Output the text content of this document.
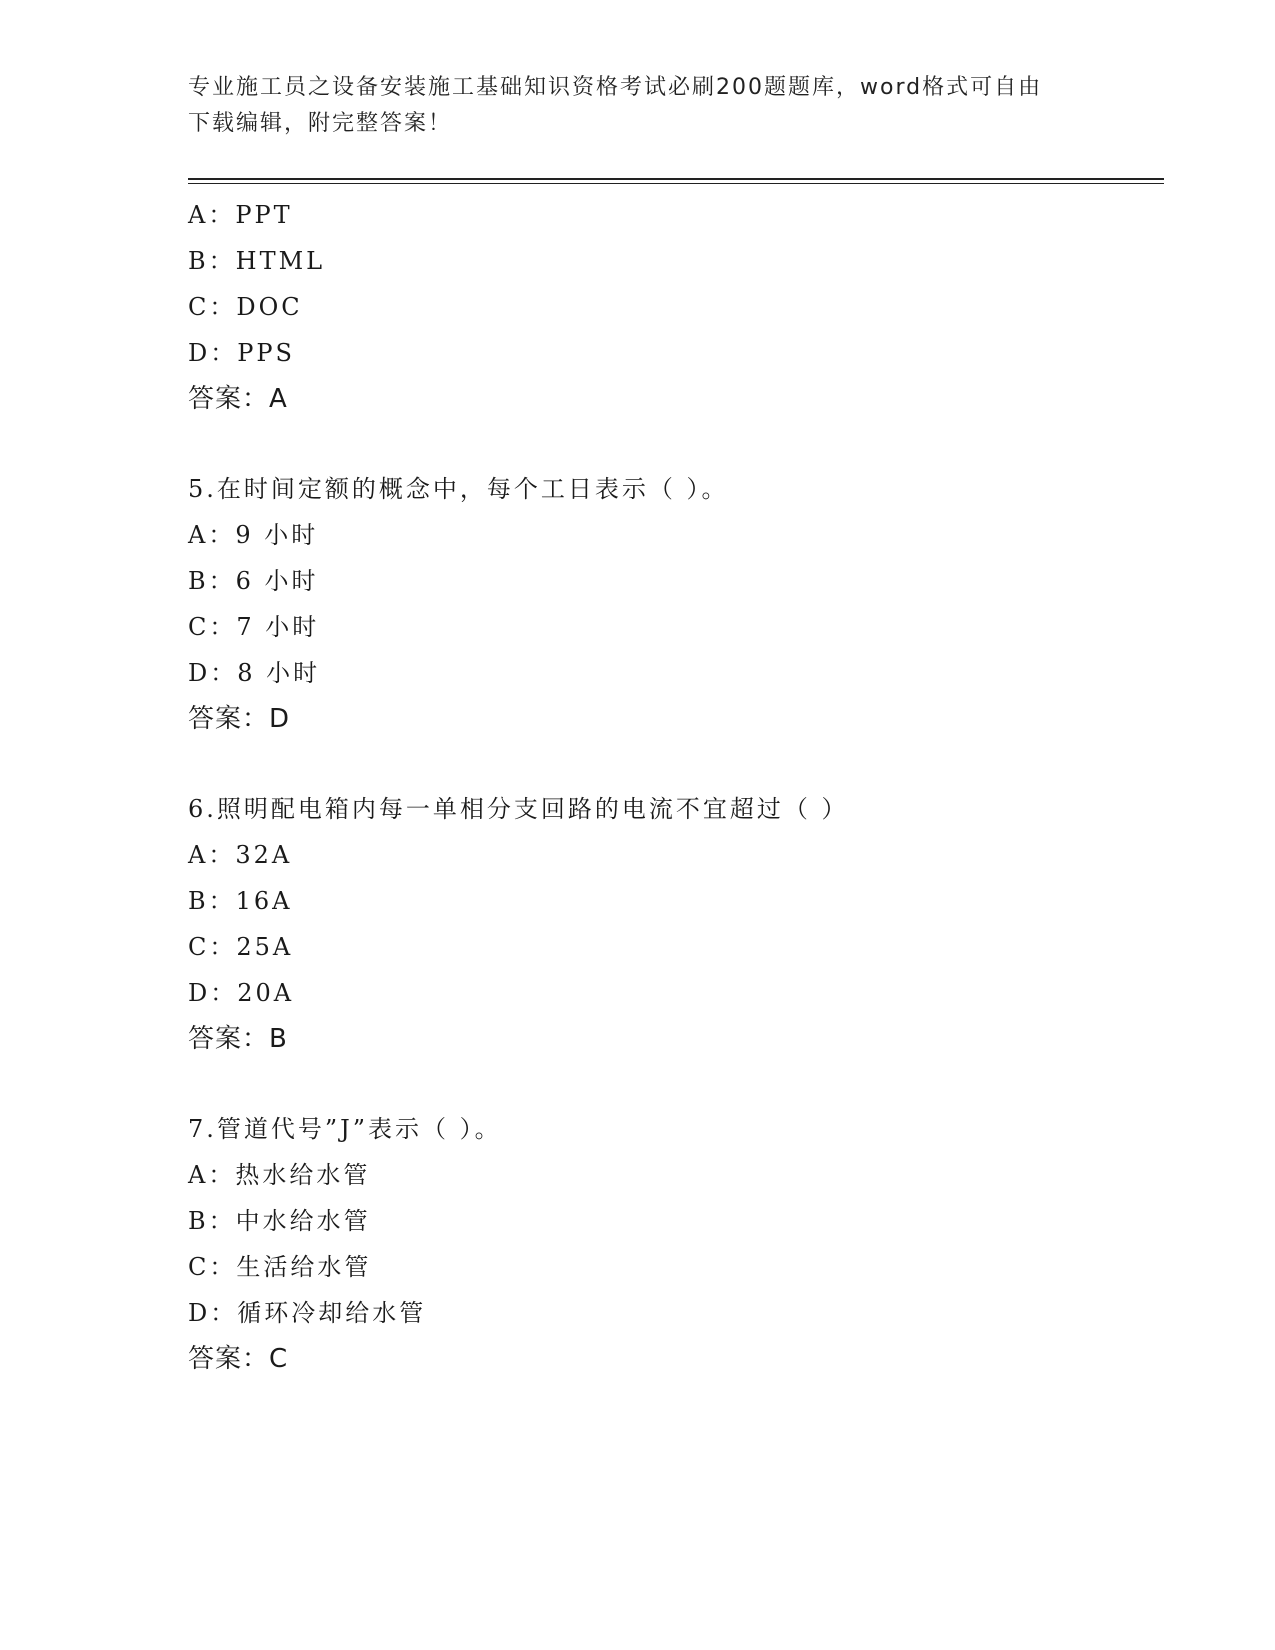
专业施工员之设备安装施工基础知识资格考试必刷200题题库，word格式可自由
下载编辑，附完整答案！
A：PPT
B：HTML
C：DOC
D：PPS
答案：A
5.在时间定额的概念中，每个工日表示（ ）。
A：9 小时
B：6 小时
C：7 小时
D：8 小时
答案：D
6.照明配电箱内每一单相分支回路的电流不宜超过（ ）
A：32A
B：16A
C：25A
D：20A
答案：B
7.管道代号”J”表示（ ）。
A：热水给水管
B：中水给水管
C：生活给水管
D：循环冷却给水管
答案：C
